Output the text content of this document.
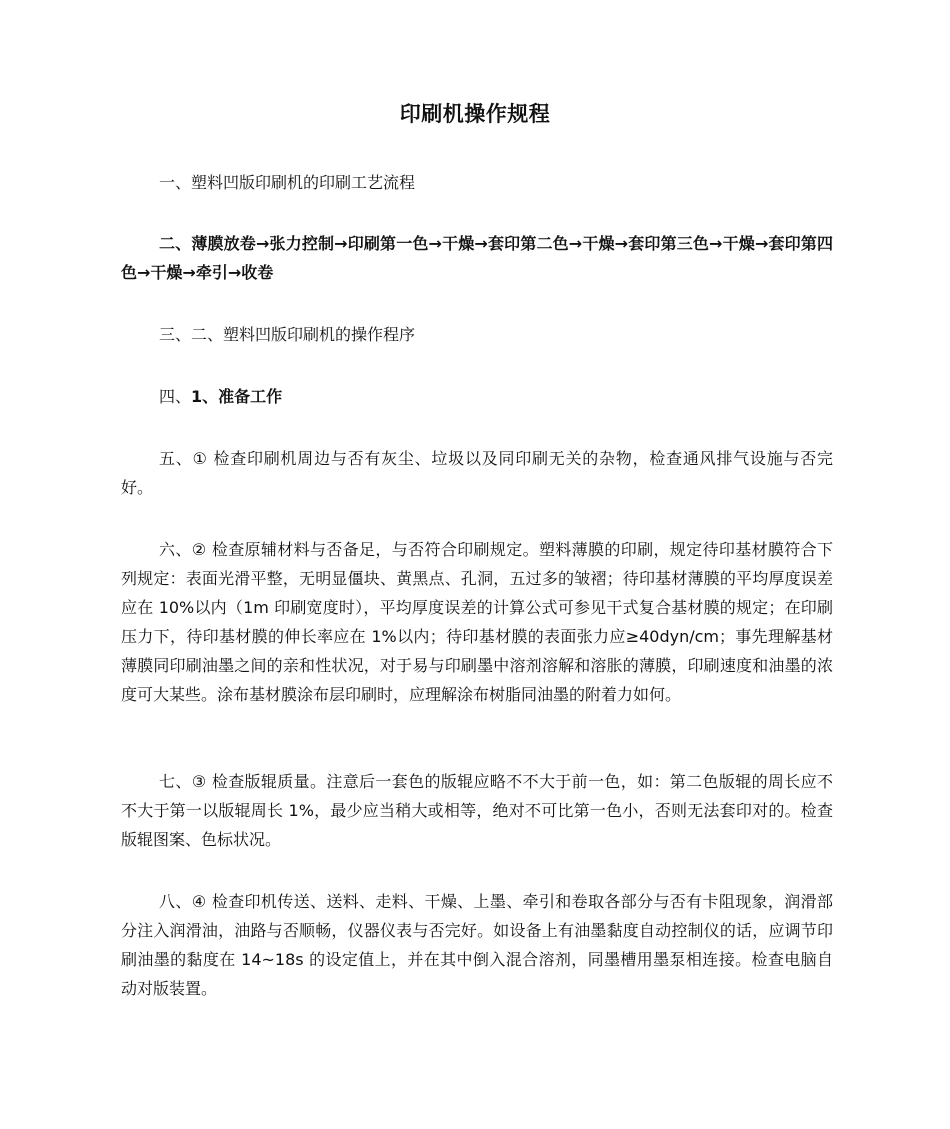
印刷机操作规程

一、塑料凹版印刷机的印刷工艺流程

二、薄膜放卷→张力控制→印刷第一色→干燥→套印第二色→干燥→套印第三色→干燥→套印第四色→干燥→牵引→收卷

三、二、塑料凹版印刷机的操作程序

四、1、准备工作

五、① 检查印刷机周边与否有灰尘、垃圾以及同印刷无关的杂物，检查通风排气设施与否完好。

六、② 检查原辅材料与否备足，与否符合印刷规定。塑料薄膜的印刷，规定待印基材膜符合下列规定：表面光滑平整，无明显僵块、黄黑点、孔洞，五过多的皱褶；待印基材薄膜的平均厚度误差应在 10%以内（1m 印刷宽度时），平均厚度误差的计算公式可参见干式复合基材膜的规定；在印刷压力下，待印基材膜的伸长率应在 1%以内；待印基材膜的表面张力应≥40dyn/cm；事先理解基材薄膜同印刷油墨之间的亲和性状况，对于易与印刷墨中溶剂溶解和溶胀的薄膜，印刷速度和油墨的浓度可大某些。涂布基材膜涂布层印刷时，应理解涂布树脂同油墨的附着力如何。

七、③ 检查版辊质量。注意后一套色的版辊应略不不大于前一色，如：第二色版辊的周长应不不大于第一以版辊周长 1%，最少应当稍大或相等，绝对不可比第一色小，否则无法套印对的。检查版辊图案、色标状况。

八、④ 检查印机传送、送料、走料、干燥、上墨、牵引和卷取各部分与否有卡阻现象，润滑部分注入润滑油，油路与否顺畅，仪器仪表与否完好。如设备上有油墨黏度自动控制仪的话，应调节印刷油墨的黏度在 14~18s 的设定值上，并在其中倒入混合溶剂，同墨槽用墨泵相连接。检查电脑自动对版装置。
